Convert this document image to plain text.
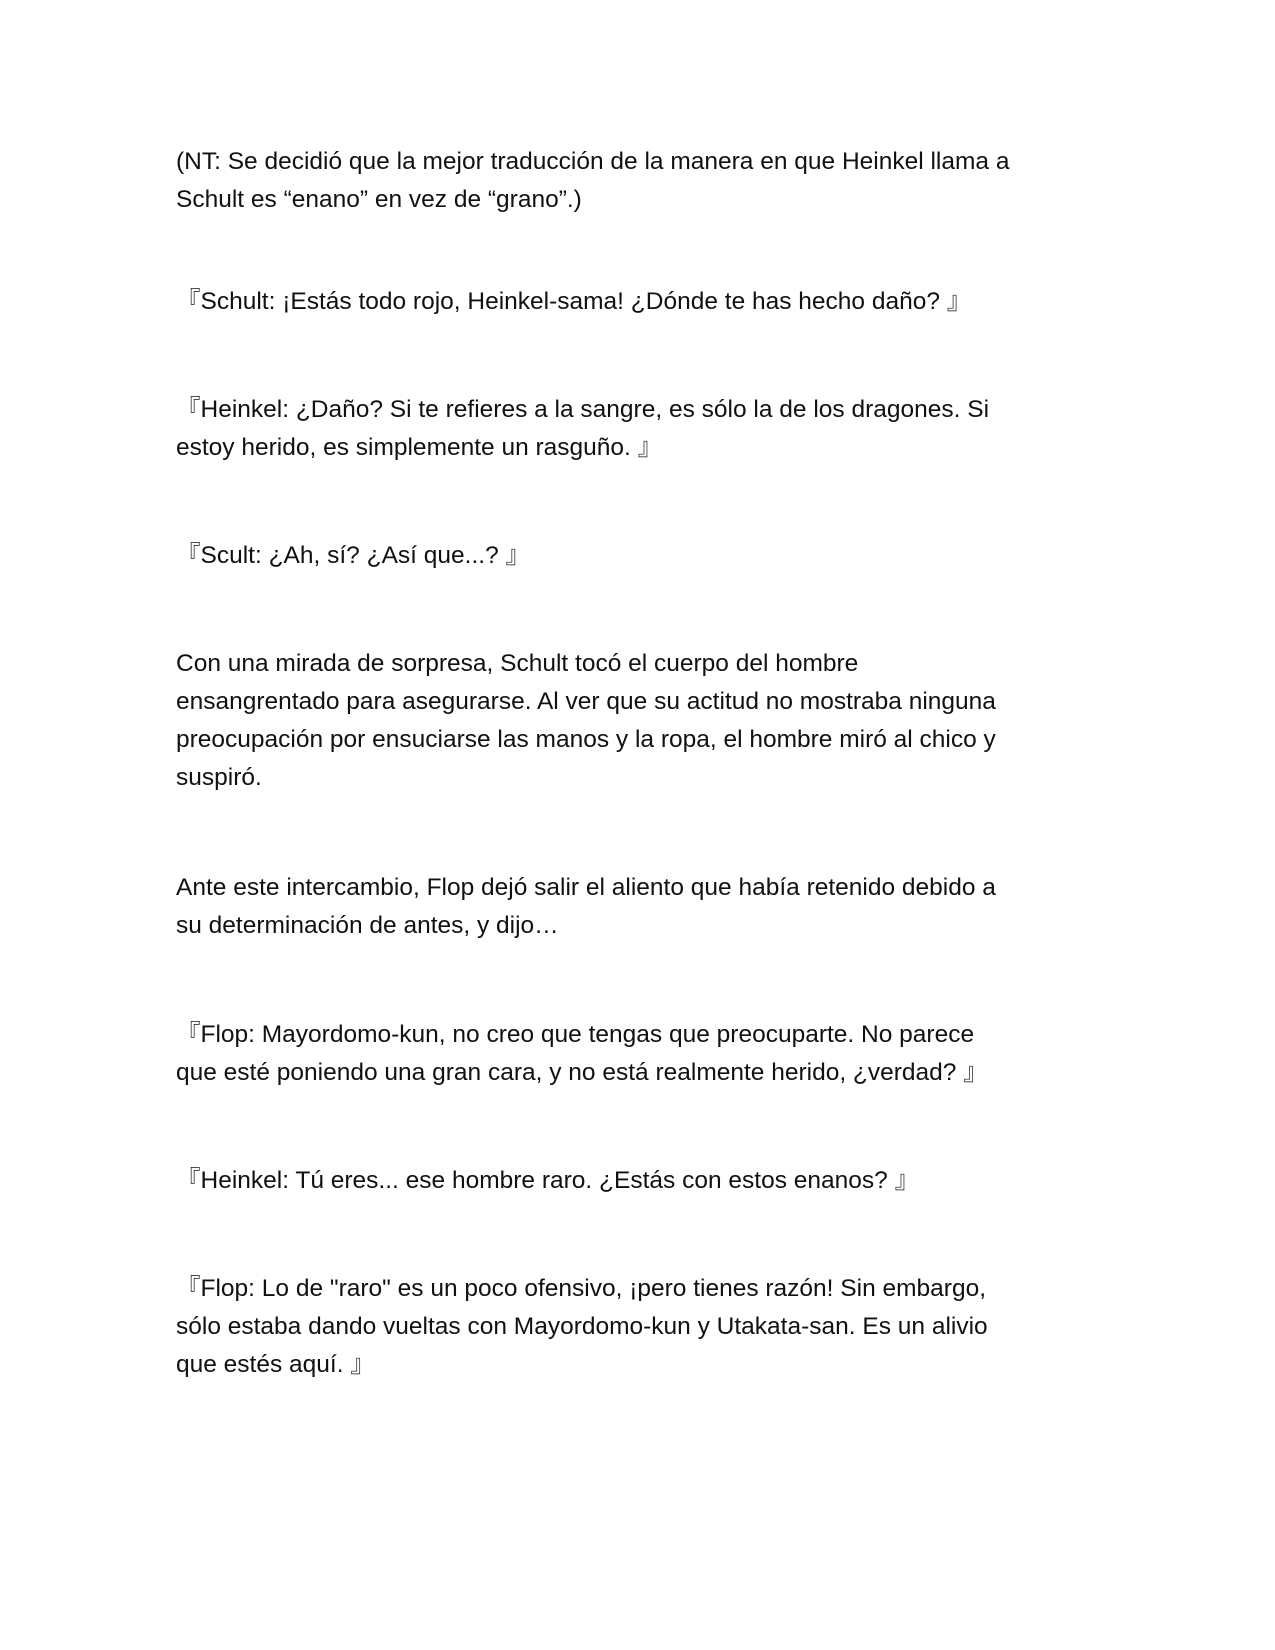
(NT: Se decidió que la mejor traducción de la manera en que Heinkel llama a
Schult es “enano” en vez de “grano”.)

『Schult: ¡Estás todo rojo, Heinkel-sama! ¿Dónde te has hecho daño? 』

『Heinkel: ¿Daño? Si te refieres a la sangre, es sólo la de los dragones. Si
estoy herido, es simplemente un rasguño. 』

『Scult: ¿Ah, sí? ¿Así que...? 』

Con una mirada de sorpresa, Schult tocó el cuerpo del hombre
ensangrentado para asegurarse. Al ver que su actitud no mostraba ninguna
preocupación por ensuciarse las manos y la ropa, el hombre miró al chico y
suspiró.

Ante este intercambio, Flop dejó salir el aliento que había retenido debido a
su determinación de antes, y dijo…

『Flop: Mayordomo-kun, no creo que tengas que preocuparte. No parece
que esté poniendo una gran cara, y no está realmente herido, ¿verdad? 』

『Heinkel: Tú eres... ese hombre raro. ¿Estás con estos enanos? 』

『Flop: Lo de "raro" es un poco ofensivo, ¡pero tienes razón! Sin embargo,
sólo estaba dando vueltas con Mayordomo-kun y Utakata-san. Es un alivio
que estés aquí. 』
